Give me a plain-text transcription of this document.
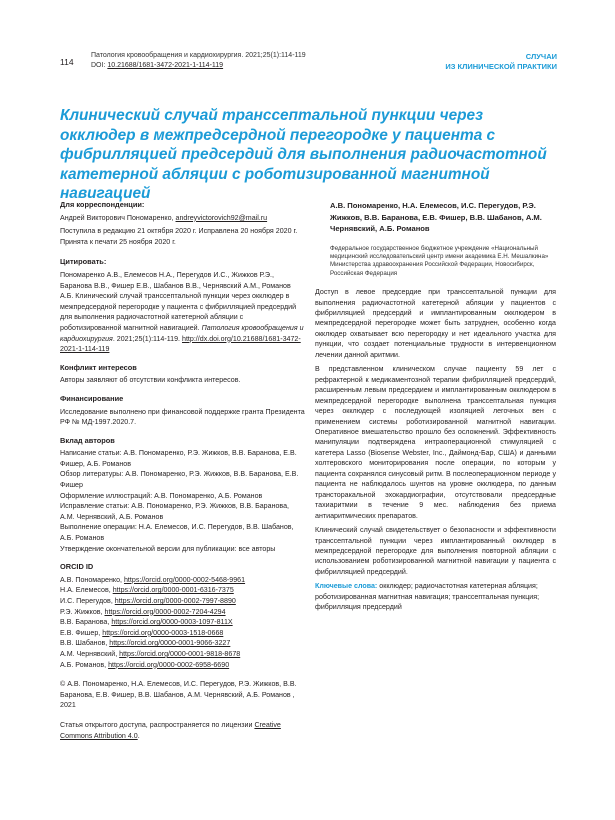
114
Патология кровообращения и кардиохирургия. 2021;25(1):114-119
DOI: 10.21688/1681-3472-2021-1-114-119
СЛУЧАИ
ИЗ КЛИНИЧЕСКОЙ ПРАКТИКИ
Клинический случай транссептальной пункции через окклюдер в межпредсердной перегородке у пациента с фибрилляцией предсердий для выполнения радиочастотной катетерной абляции с роботизированной магнитной навигацией
Для корреспонденции:

Андрей Викторович Пономаренко, andreyvictorovich92@mail.ru

Поступила в редакцию 21 октября 2020 г. Исправлена 20 ноября 2020 г. Принята к печати 25 ноября 2020 г.

Цитировать:

Пономаренко А.В., Елемесов Н.А., Перегудов И.С., Жижков Р.Э., Баранова В.В., Фишер Е.В., Шабанов В.В., Чернявский А.М., Романов А.Б. Клинический случай транссептальной пункции через окклюдер в межпредсердной перегородке у пациента с фибрилляцией предсердий для выполнения радиочастотной катетерной абляции с роботизированной магнитной навигацией. Патология кровообращения и кардиохирургия. 2021;25(1):114-119. http://dx.doi.org/10.21688/1681-3472-2021-1-114-119

Конфликт интересов

Авторы заявляют об отсутствии конфликта интересов.

Финансирование

Исследование выполнено при финансовой поддержке гранта Президента РФ № МД-1997.2020.7.

Вклад авторов

Написание статьи: А.В. Пономаренко, Р.Э. Жижков, В.В. Баранова, Е.В. Фишер, А.Б. Романов

Обзор литературы: А.В. Пономаренко, Р.Э. Жижков, В.В. Баранова, Е.В. Фишер

Оформление иллюстраций: А.В. Пономаренко, А.Б. Романов

Исправление статьи: А.В. Пономаренко, Р.Э. Жижков, В.В. Баранова, А.М. Чернявский, А.Б. Романов

Выполнение операции: Н.А. Елемесов, И.С. Перегудов, В.В. Шабанов, А.Б. Романов

Утверждение окончательной версии для публикации: все авторы

ORCID ID

А.В. Пономаренко, https://orcid.org/0000-0002-5468-9961

Н.А. Елемесов, https://orcid.org/0000-0001-6316-7375

И.С. Перегудов, https://orcid.org/0000-0002-7997-8890

Р.Э. Жижков, https://orcid.org/0000-0002-7204-4294

В.В. Баранова, https://orcid.org/0000-0003-1097-811X

Е.В. Фишер, https://orcid.org/0000-0003-1518-0668

В.В. Шабанов, https://orcid.org/0000-0001-9066-3227

А.М. Чернявский, https://orcid.org/0000-0001-9818-8678

А.Б. Романов, https://orcid.org/0000-0002-6958-6690

© А.В. Пономаренко, Н.А. Елемесов, И.С. Перегудов, Р.Э. Жижков, В.В. Баранова, Е.В. Фишер, В.В. Шабанов, А.М. Чернявский, А.Б. Романов , 2021

Статья открытого доступа, распространяется по лицензии Creative Commons Attribution 4.0.

А.В. Пономаренко, Н.А. Елемесов, И.С. Перегудов, Р.Э. Жижков, В.В. Баранова, Е.В. Фишер, В.В. Шабанов, А.М. Чернявский, А.Б. Романов
Федеральное государственное бюджетное учреждение «Национальный медицинский исследовательский центр имени академика Е.Н. Мешалкина» Министерства здравоохранения Российской Федерации, Новосибирск, Российская Федерация

Доступ в левое предсердие при транссептальной пункции для выполнения радиочастотной катетерной абляции у пациентов с фибрилляцией предсердий и имплантированным окклюдером в межпредсердной перегородке может быть затруднен, особенно когда окклюдер охватывает всю перегородку и нет идеального участка для пункции, что создает потенциальные трудности в интервенционном лечении данной аритмии.

В представленном клиническом случае пациенту 59 лет с рефрактерной к медикаментозной терапии фибрилляцией предсердий, расширенным левым предсердием и имплантированным окклюдером в межпредсердной перегородке выполнена транссептальная пункция через окклюдер с последующей изоляцией легочных вен с применением системы роботизированной магнитной навигации. Оперативное вмешательство прошло без осложнений. Эффективность манипуляции подтверждена интраоперационной стимуляцией с катетера Lasso (Biosense Webster, Inc., Даймонд-Бар, США) и данными холтеровского мониторирования после операции, по которым у пациента сохранялся синусовый ритм. В послеоперационном периоде у пациента не наблюдалось шунтов на уровне окклюдера, по данным трансторакальной эхокардиографии, отсутствовали предсердные тахиаритмии в течение 9 мес. наблюдения без приема антиаритмических препаратов.

Клинический случай свидетельствует о безопасности и эффективности транссептальной пункции через имплантированный окклюдер в межпредсердной перегородке для выполнения повторной абляции с использованием роботизированной магнитной навигации у пациента с фибрилляцией предсердий.

Ключевые слова: окклюдер; радиочастотная катетерная абляция; роботизированная магнитная навигация; транссептальная пункция; фибрилляция предсердий
